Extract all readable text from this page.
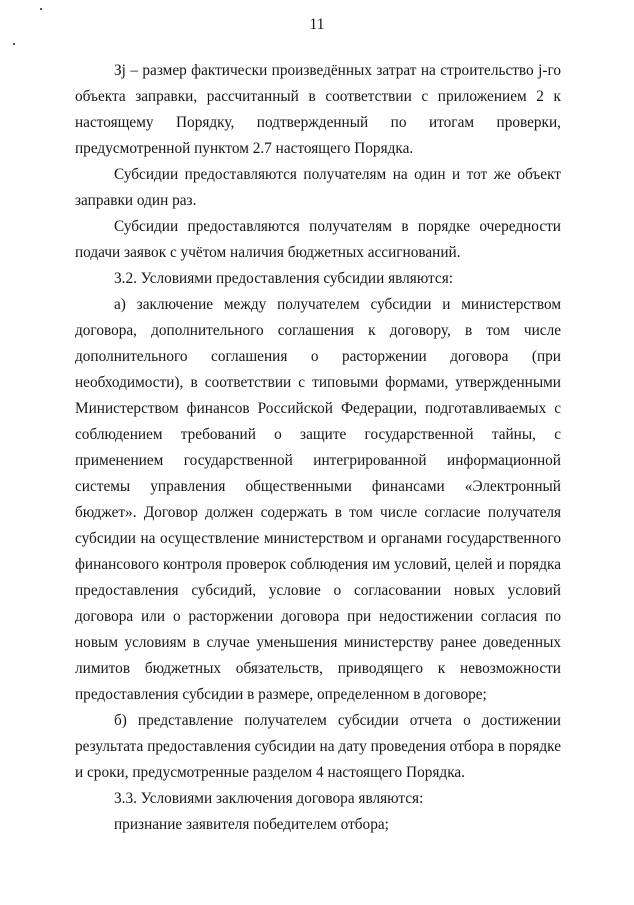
11

Зj – размер фактически произведённых затрат на строительство j-го объекта заправки, рассчитанный в соответствии с приложением 2 к настоящему Порядку, подтвержденный по итогам проверки, предусмотренной пунктом 2.7 настоящего Порядка.

Субсидии предоставляются получателям на один и тот же объект заправки один раз.

Субсидии предоставляются получателям в порядке очередности подачи заявок с учётом наличия бюджетных ассигнований.

3.2. Условиями предоставления субсидии являются:

а) заключение между получателем субсидии и министерством договора, дополнительного соглашения к договору, в том числе дополнительного соглашения о расторжении договора (при необходимости), в соответствии с типовыми формами, утвержденными Министерством финансов Российской Федерации, подготавливаемых с соблюдением требований о защите государственной тайны, с применением государственной интегрированной информационной системы управления общественными финансами «Электронный бюджет». Договор должен содержать в том числе согласие получателя субсидии на осуществление министерством и органами государственного финансового контроля проверок соблюдения им условий, целей и порядка предоставления субсидий, условие о согласовании новых условий договора или о расторжении договора при недостижении согласия по новым условиям в случае уменьшения министерству ранее доведенных лимитов бюджетных обязательств, приводящего к невозможности предоставления субсидии в размере, определенном в договоре;

б) представление получателем субсидии отчета о достижении результата предоставления субсидии на дату проведения отбора в порядке и сроки, предусмотренные разделом 4 настоящего Порядка.

3.3. Условиями заключения договора являются:

признание заявителя победителем отбора;
